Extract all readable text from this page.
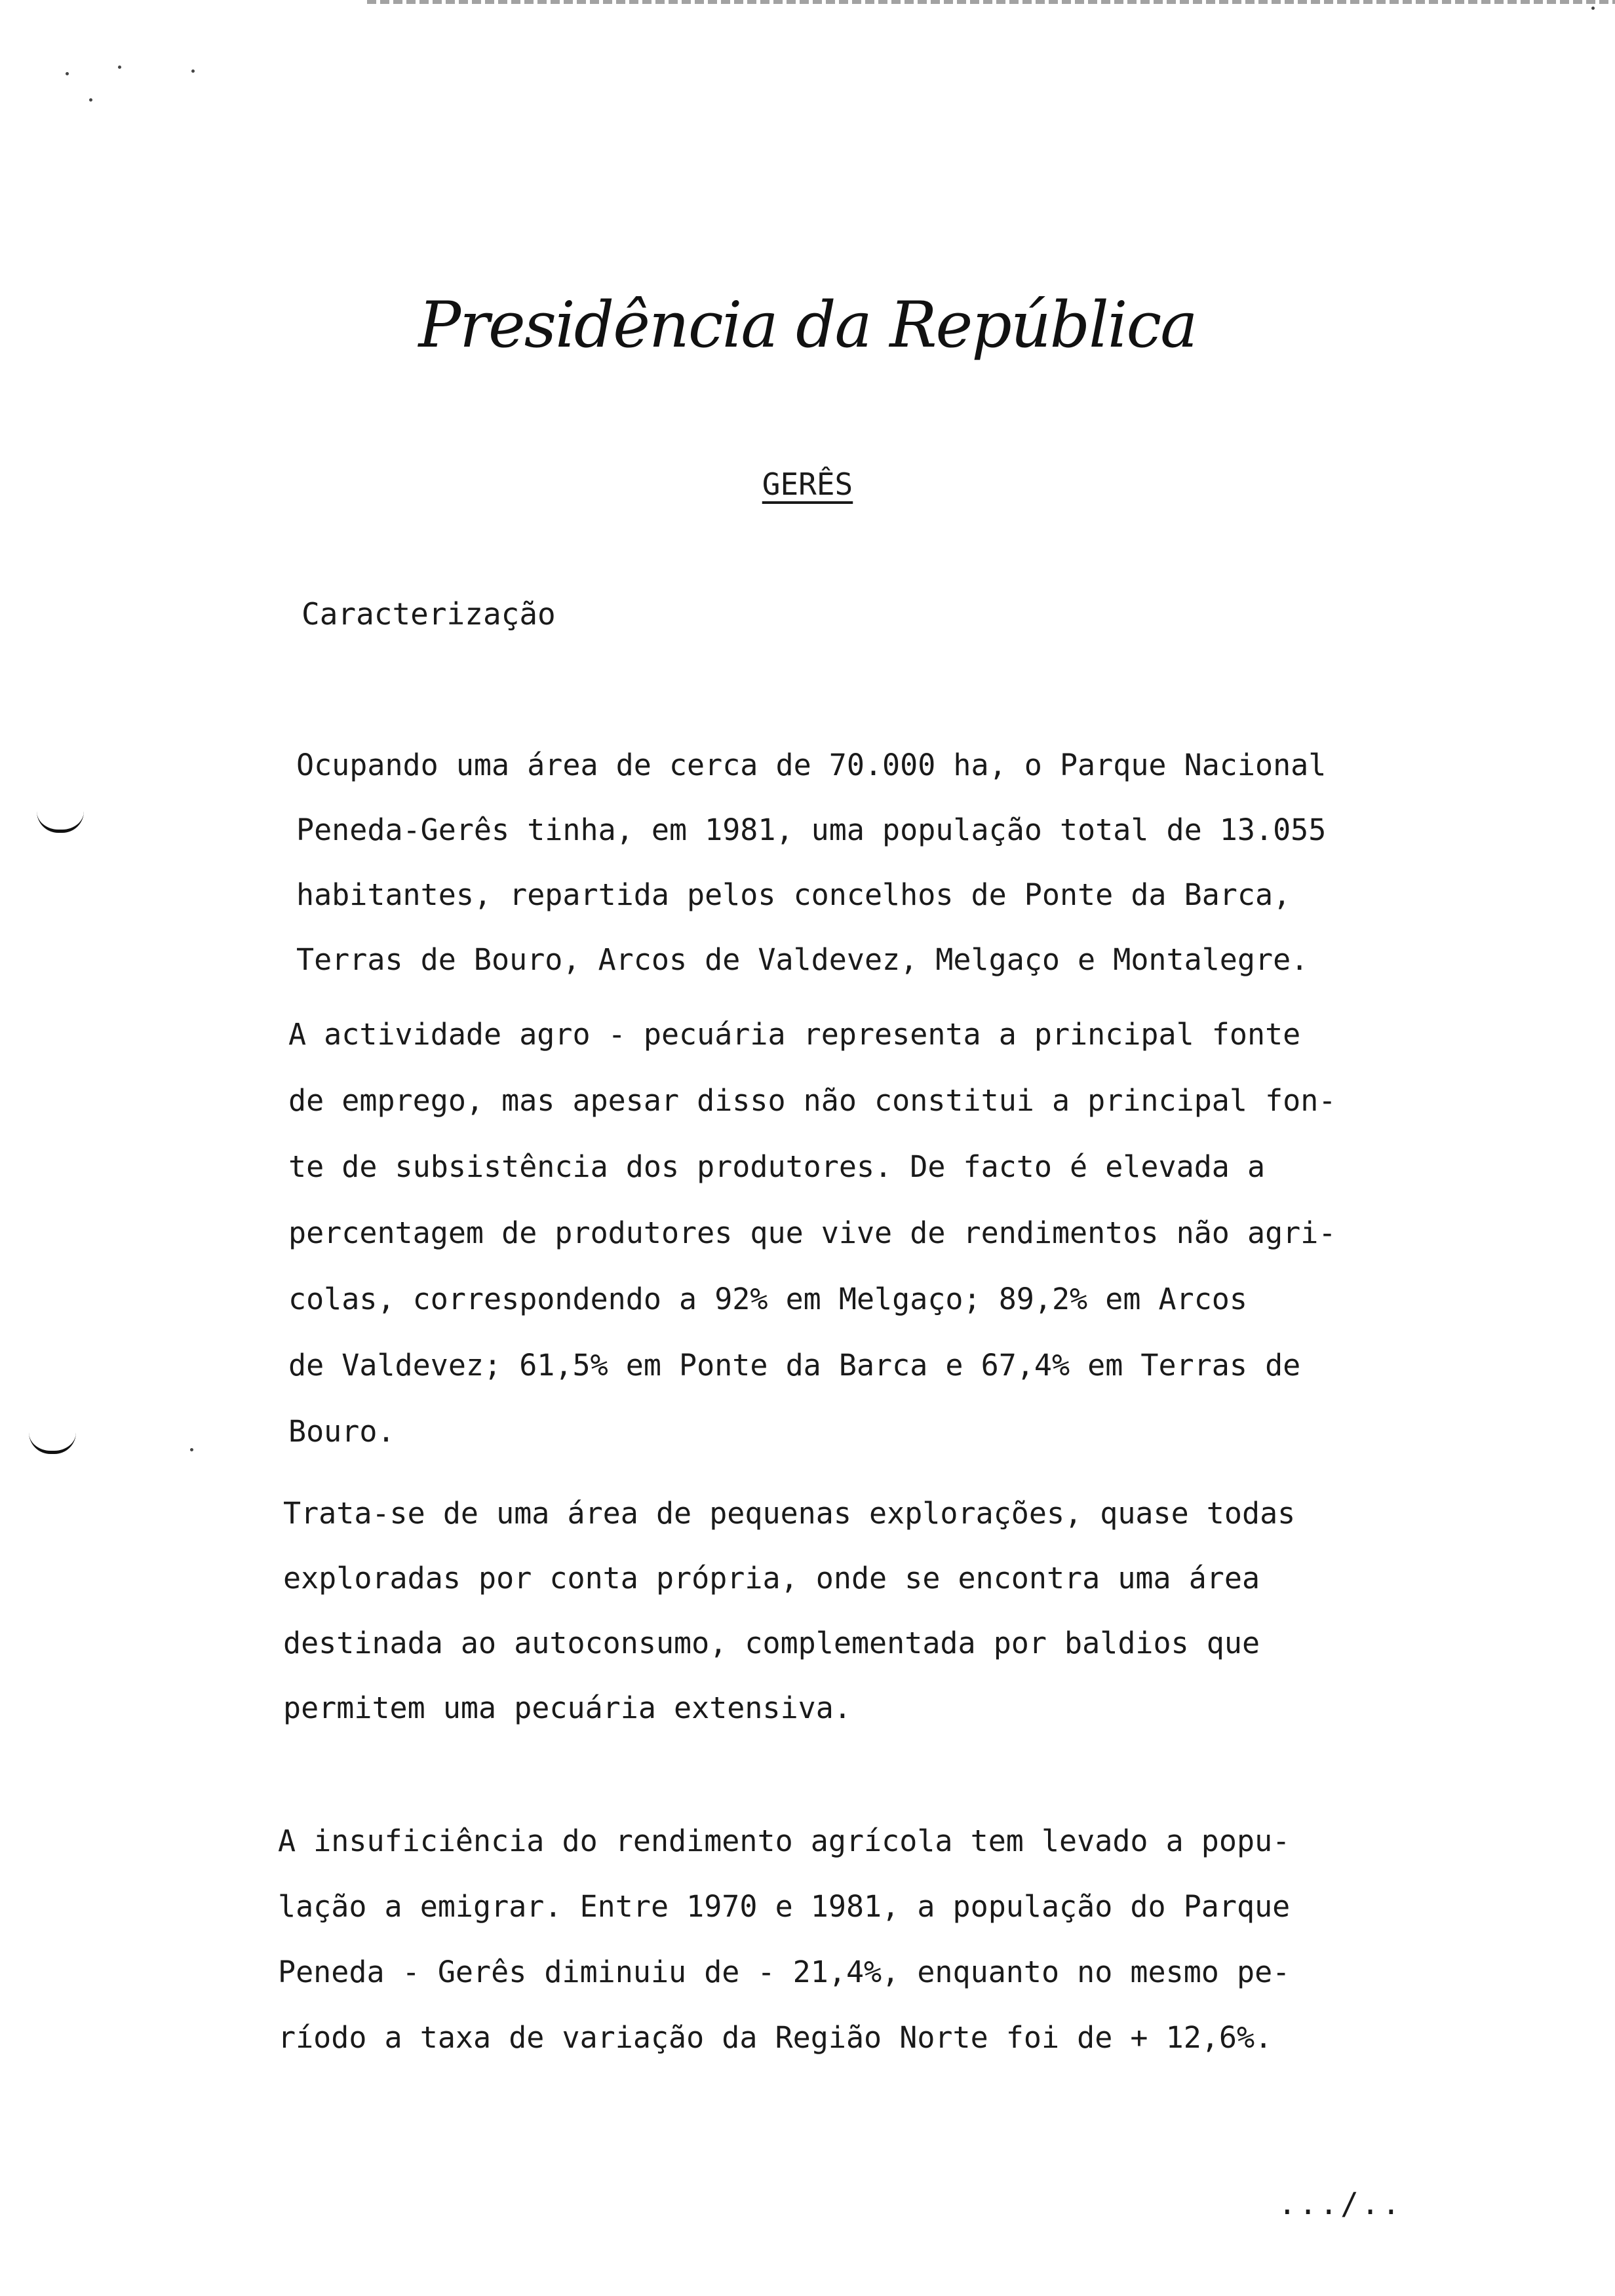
Presidência da República
GERÊS
Caracterização
Ocupando uma área de cerca de 70.000 ha, o Parque Nacional
Peneda-Gerês tinha, em 1981, uma população total de 13.055
habitantes, repartida pelos concelhos de Ponte da Barca,
Terras de Bouro, Arcos de Valdevez, Melgaço e Montalegre.
A actividade agro - pecuária representa a principal fonte
de emprego, mas apesar disso não constitui a principal fon-
te de subsistência dos produtores. De facto é elevada a
percentagem de produtores que vive de rendimentos não agri-
colas, correspondendo a 92% em Melgaço; 89,2% em Arcos
de Valdevez; 61,5% em Ponte da Barca e 67,4% em Terras de
Bouro.
Trata-se de uma área de pequenas explorações, quase todas
exploradas por conta própria, onde se encontra uma área
destinada ao autoconsumo, complementada por baldios que
permitem uma pecuária extensiva.
A insuficiência do rendimento agrícola tem levado a popu-
lação a emigrar. Entre 1970 e 1981, a população do Parque
Peneda - Gerês diminuiu de - 21,4%, enquanto no mesmo pe-
ríodo a taxa de variação da Região Norte foi de + 12,6%.
.../..
